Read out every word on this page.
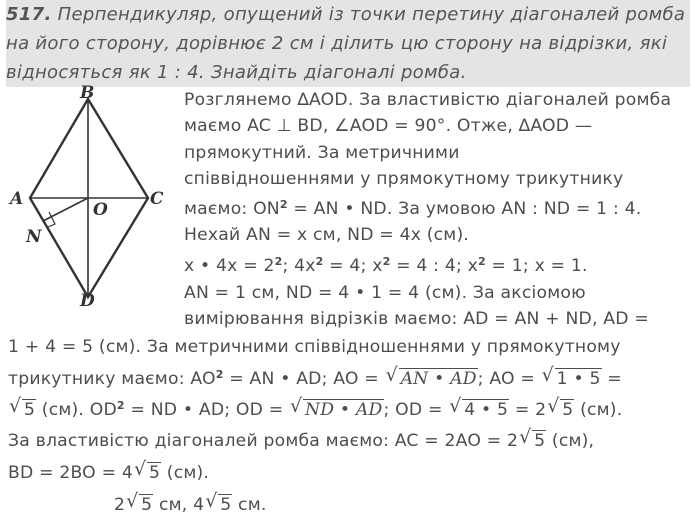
517. Перпендикуляр, опущений із точки перетину діагоналей ромба
на його сторону, дорівнює 2 см і ділить цю сторону на відрізки, які
відносяться як 1 : 4. Знайдіть діагоналі ромба.
B
A
O
C
N
D
Розглянемо ∆AOD. За властивістю діагоналей ромба
маємо AC ⊥ BD, ∠AOD = 90°. Отже, ∆AOD —
прямокутний. За метричними
співвідношеннями у прямокутному трикутнику
маємо: $ON^2$ = AN • ND. За умовою AN : ND = 1 : 4.
Нехай AN = x см, ND = 4x (см).
x • $4x = 2^2$; $4x^2 = 4$; $x^2 = 4$ : 4; $x^2 = 1$; x = 1.
AN = 1 см, ND = 4 • 1 = 4 (см). За аксіомою
вимірювання відрізків маємо: AD = AN + ND, AD =
1 + 4 = 5 (см). За метричними співвідношеннями у прямокутному
трикутнику маємо: $AO^2$ = AN • AD; AO = √ AN • AD; AO = √ 1 • 5 =
√ 5 (см). $OD^2$ = ND • AD; OD = √ ND • AD; OD = √ 4 • 5 = 2 √ 5 (см).
За властивістю діагоналей ромба маємо: AC = 2AO = 2 √ 5 (см),
BD = 2BO = 4 √ 5 (см).
2 √ 5 см, 4 √ 5 см.
